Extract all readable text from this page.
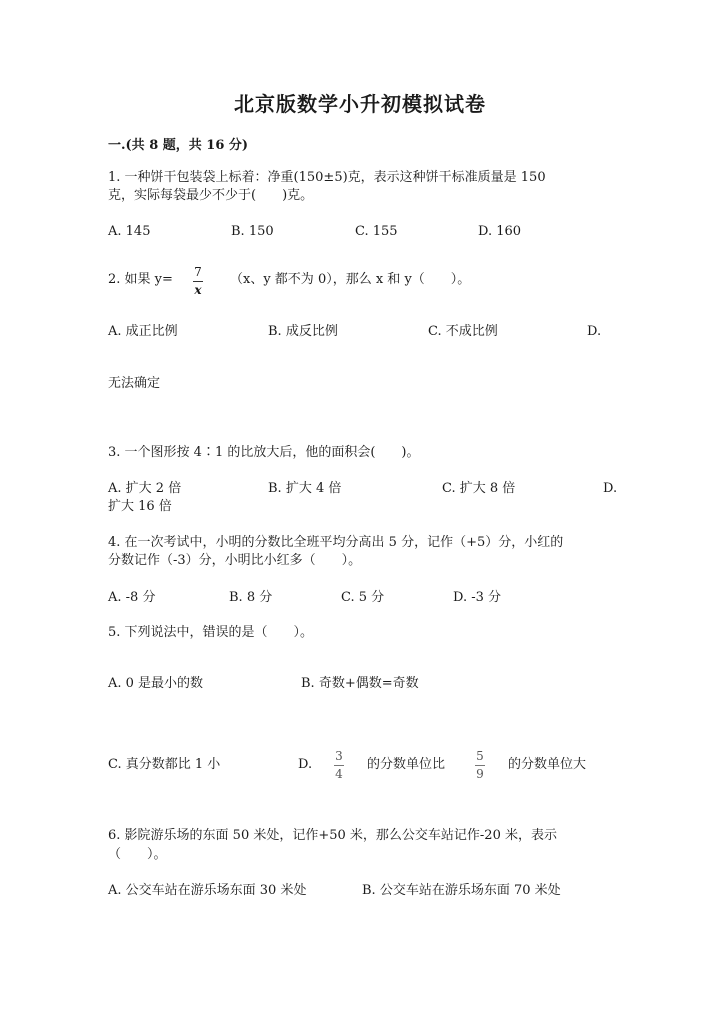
北京版数学小升初模拟试卷
一.(共 8 题，共 16 分)
1. 一种饼干包装袋上标着：净重(150±5)克，表示这种饼干标准质量是 150
克，实际每袋最少不少于(　　)克。
A. 145	B. 150	C. 155	D. 160
2. 如果 y= 7
x
（x、y 都不为 0），那么 x 和 y（　　）。
A. 成正比例	B. 成反比例	C. 不成比例	D.
无法确定
3. 一个图形按 4∶1 的比放大后，他的面积会(　　)。
A. 扩大 2 倍	B. 扩大 4 倍	C. 扩大 8 倍	D.
扩大 16 倍
4. 在一次考试中，小明的分数比全班平均分高出 5 分，记作（+5）分，小红的
分数记作（-3）分，小明比小红多（　　）。
A. -8 分	B. 8 分	C. 5 分	D. -3 分
5. 下列说法中，错误的是（　　）。
A. 0 是最小的数	B. 奇数+偶数=奇数
C. 真分数都比 1 小	D.
3
4
的分数单位比
5
9
的分数单位大
6. 影院游乐场的东面 50 米处，记作+50 米，那么公交车站记作-20 米，表示
（　　）。
A. 公交车站在游乐场东面 30 米处	B. 公交车站在游乐场东面 70 米处
